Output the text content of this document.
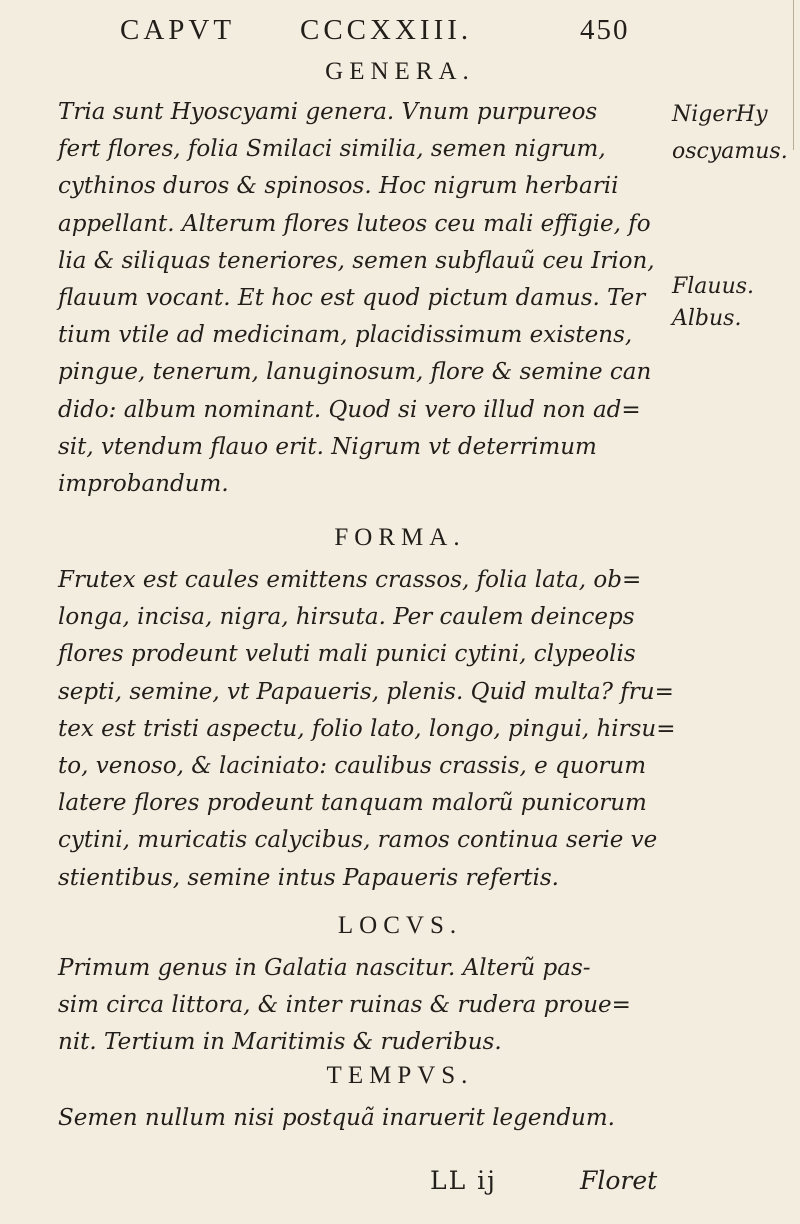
CAPVT CCCXXIII.	450
GENERA.
Tria sunt Hyoscyami genera. Vnum purpureos
fert flores, folia Smilaci similia, semen nigrum,
cythinos duros & spinosos. Hoc nigrum herbarii
appellant. Alterum flores luteos ceu mali effigie, fo
lia & siliquas teneriores, semen subflauũ ceu Irion,
flauum vocant. Et hoc est quod pictum damus. Ter
tium vtile ad medicinam, placidissimum existens,
pingue, tenerum, lanuginosum, flore & semine can
dido: album nominant. Quod si vero illud non ad=
sit, vtendum flauo erit. Nigrum vt deterrimum
improbandum.
NigerHy
oscyamus.
Flauus.
Albus.
FORMA.
Frutex est caules emittens crassos, folia lata, ob=
longa, incisa, nigra, hirsuta. Per caulem deinceps
flores prodeunt veluti mali punici cytini, clypeolis
septi, semine, vt Papaueris, plenis. Quid multa? fru=
tex est tristi aspectu, folio lato, longo, pingui, hirsu=
to, venoso, & laciniato: caulibus crassis, e quorum
latere flores prodeunt tanquam malorũ punicorum
cytini, muricatis calycibus, ramos continua serie ve
stientibus, semine intus Papaueris refertis.
LOCVS.
Primum genus in Galatia nascitur. Alterũ pas-
sim circa littora, & inter ruinas & rudera proue=
nit. Tertium in Maritimis & ruderibus.
TEMPVS.
Semen nullum nisi postquã inaruerit legendum.
LL ij	Floret
